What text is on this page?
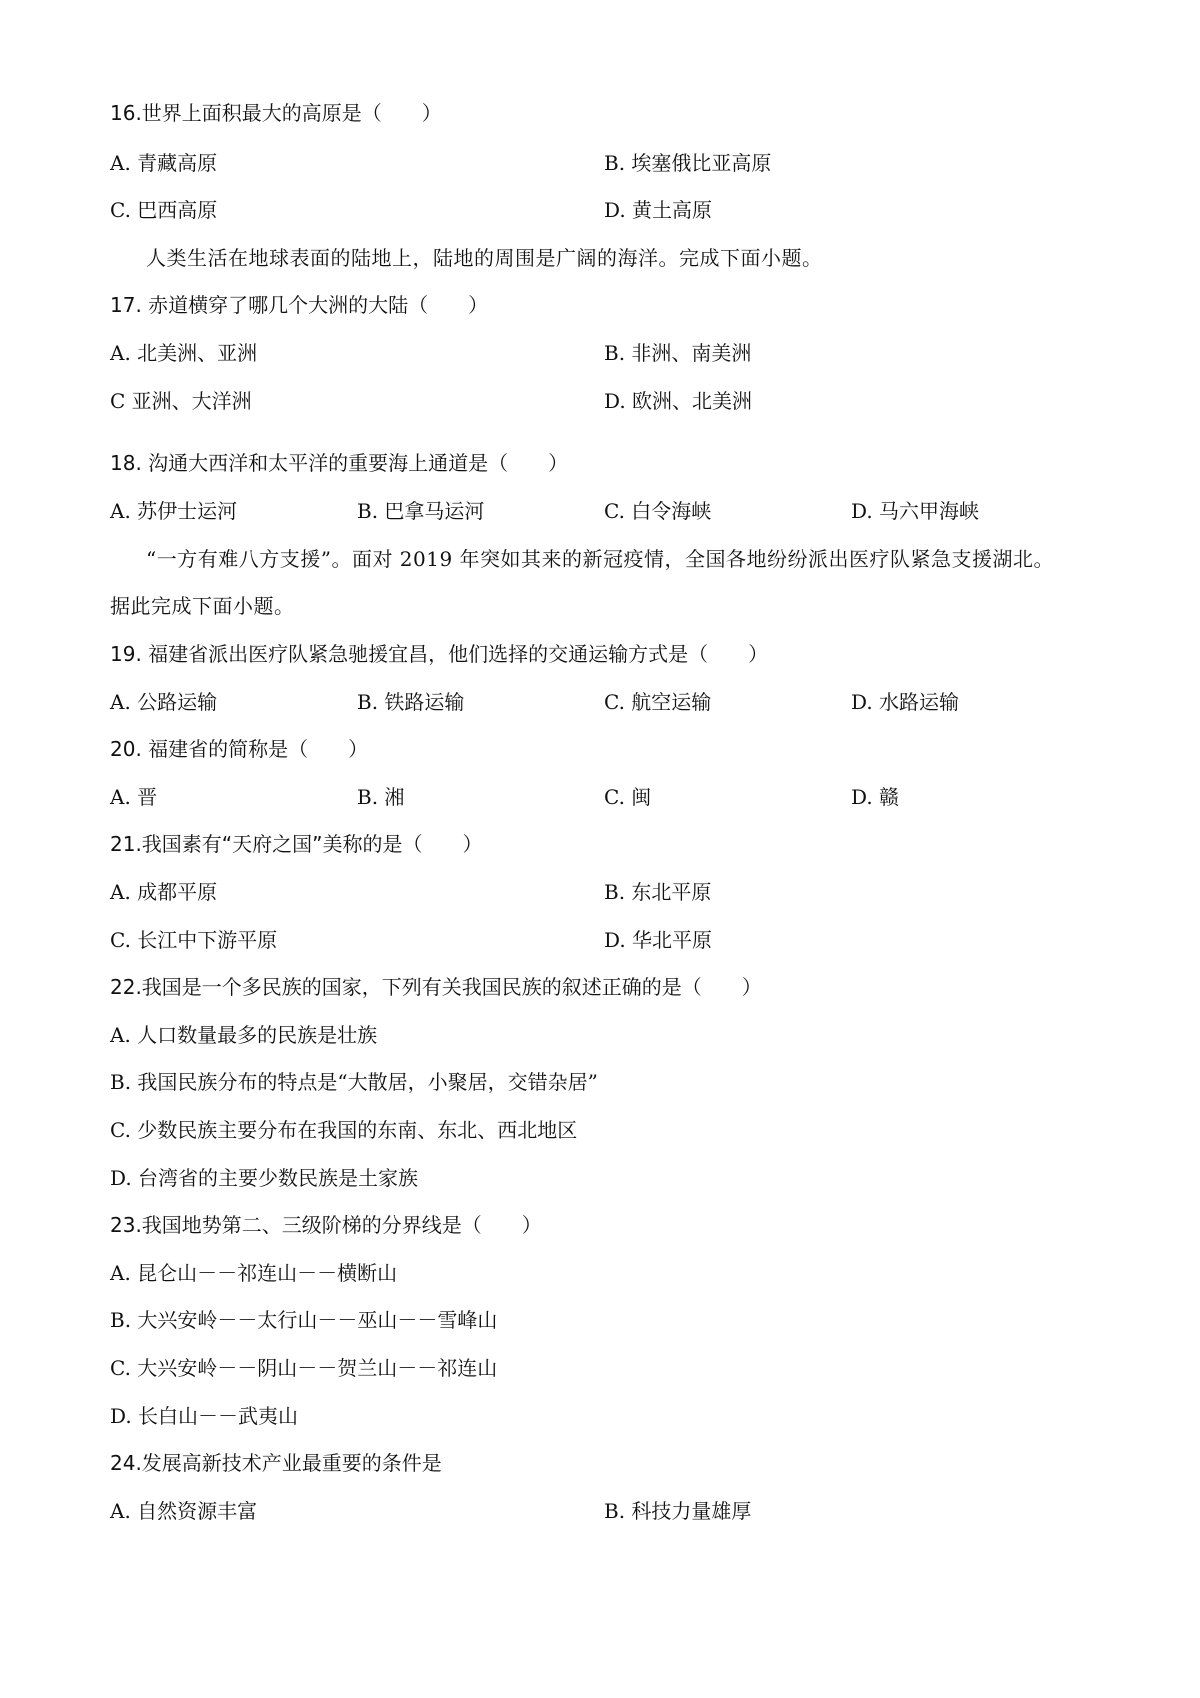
16.世界上面积最大的高原是（　　）
A. 青藏高原	B. 埃塞俄比亚高原
C. 巴西高原	D. 黄土高原
人类生活在地球表面的陆地上，陆地的周围是广阔的海洋。完成下面小题。
17. 赤道横穿了哪几个大洲的大陆（　　）
A. 北美洲、亚洲	B. 非洲、南美洲
C 亚洲、大洋洲	D. 欧洲、北美洲
18. 沟通大西洋和太平洋的重要海上通道是（　　）
A. 苏伊士运河	B. 巴拿马运河	C. 白令海峡	D. 马六甲海峡
“一方有难八方支援”。面对 2019 年突如其来的新冠疫情，全国各地纷纷派出医疗队紧急支援湖北。
据此完成下面小题。
19. 福建省派出医疗队紧急驰援宜昌，他们选择的交通运输方式是（　　）
A. 公路运输	B. 铁路运输	C. 航空运输	D. 水路运输
20. 福建省的简称是（　　）
A. 晋	B. 湘	C. 闽	D. 赣
21.我国素有“天府之国”美称的是（　　）
A. 成都平原	B. 东北平原
C. 长江中下游平原	D. 华北平原
22.我国是一个多民族的国家，下列有关我国民族的叙述正确的是（　　）
A. 人口数量最多的民族是壮族
B. 我国民族分布的特点是“大散居，小聚居，交错杂居”
C. 少数民族主要分布在我国的东南、东北、西北地区
D. 台湾省的主要少数民族是土家族
23.我国地势第二、三级阶梯的分界线是（　　）
A. 昆仑山－－祁连山－－横断山
B. 大兴安岭－－太行山－－巫山－－雪峰山
C. 大兴安岭－－阴山－－贺兰山－－祁连山
D. 长白山－－武夷山
24.发展高新技术产业最重要的条件是
A. 自然资源丰富	B. 科技力量雄厚
